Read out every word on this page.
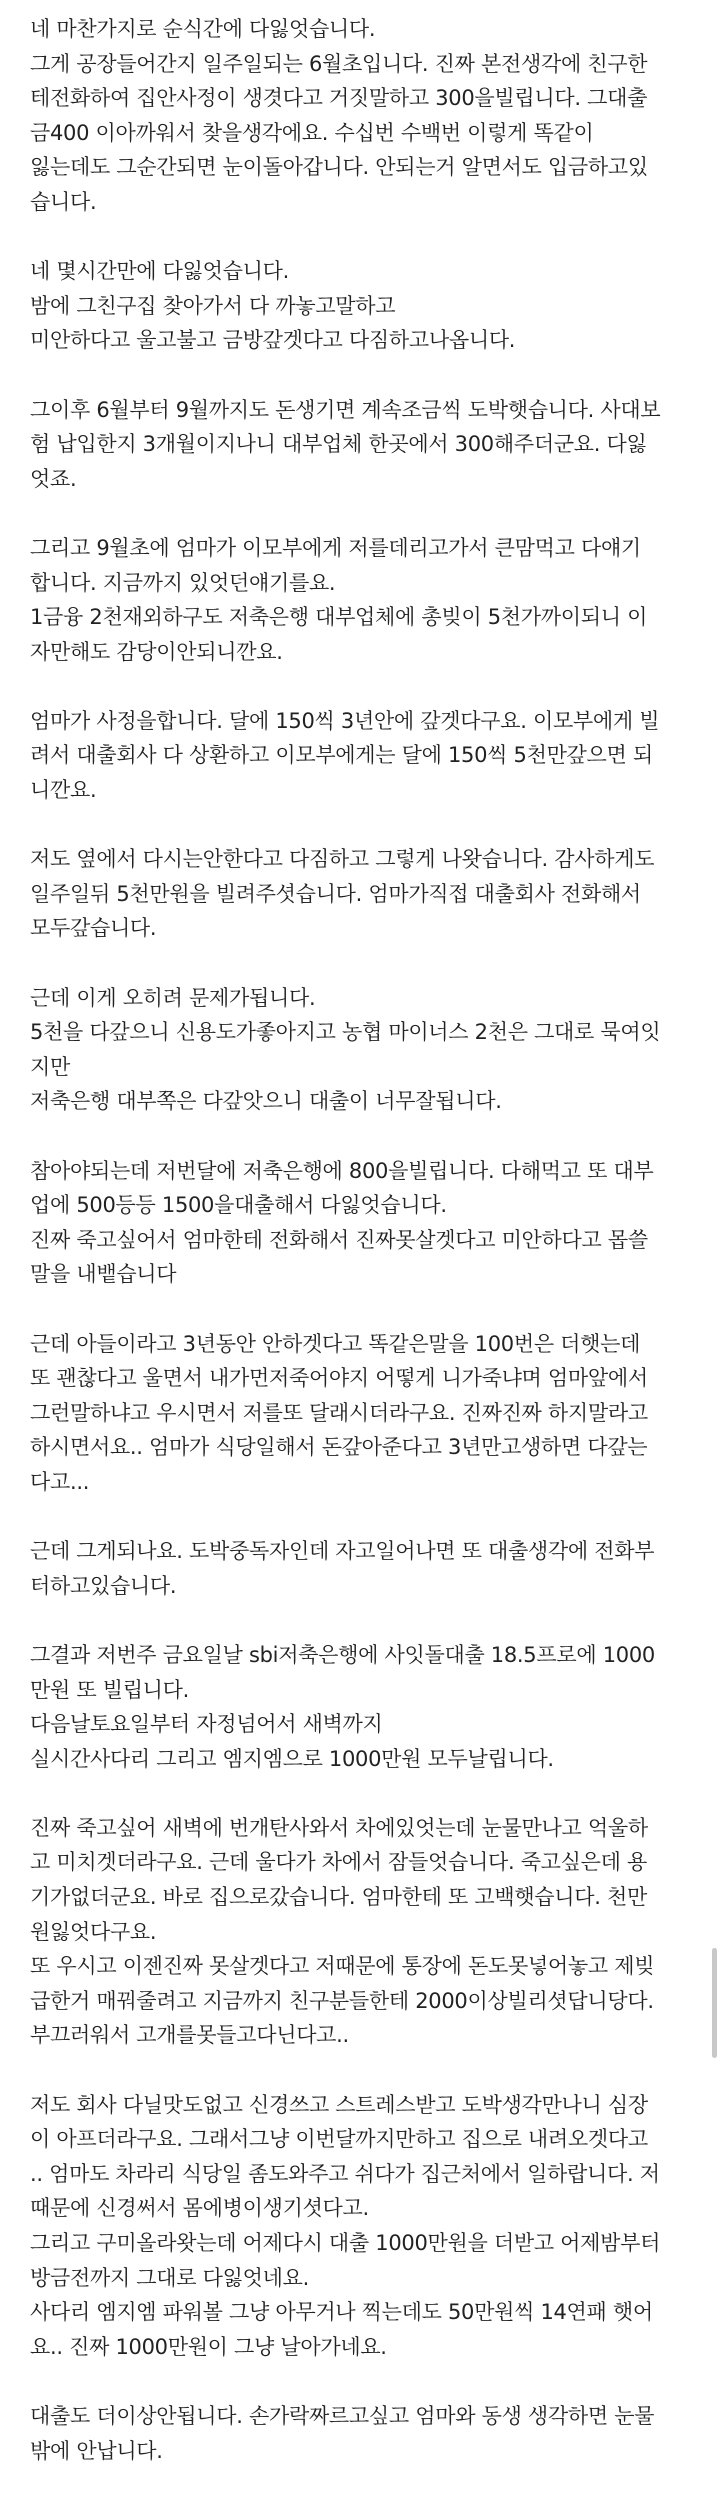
네 마찬가지로 순식간에 다잃엇습니다.
그게 공장들어간지 일주일되는 6월초입니다. 진짜 본전생각에 친구한
테전화하여 집안사정이 생겻다고 거짓말하고 300을빌립니다. 그대출
금400 이아까워서 찾을생각에요. 수십번 수백번 이렇게 똑같이
잃는데도 그순간되면 눈이돌아갑니다. 안되는거 알면서도 입금하고있
습니다.
네 몇시간만에 다잃엇습니다.
밤에 그친구집 찾아가서 다 까놓고말하고
미안하다고 울고불고 금방갚겟다고 다짐하고나옵니다.
그이후 6월부터 9월까지도 돈생기면 계속조금씩 도박햇습니다. 사대보
험 납입한지 3개월이지나니 대부업체 한곳에서 300해주더군요. 다잃
엇죠.
그리고 9월초에 엄마가 이모부에게 저를데리고가서 큰맘먹고 다얘기
합니다. 지금까지 있엇던얘기를요.
1금융 2천재외하구도 저축은행 대부업체에 총빚이 5천가까이되니 이
자만해도 감당이안되니깐요.
엄마가 사정을합니다. 달에 150씩 3년안에 갚겟다구요. 이모부에게 빌
려서 대출회사 다 상환하고 이모부에게는 달에 150씩 5천만갚으면 되
니깐요.
저도 옆에서 다시는안한다고 다짐하고 그렇게 나왓습니다. 감사하게도
일주일뒤 5천만원을 빌려주셧습니다. 엄마가직접 대출회사 전화해서
모두갚습니다.
근데 이게 오히려 문제가됩니다.
5천을 다갚으니 신용도가좋아지고 농협 마이너스 2천은 그대로 묵여잇
지만
저축은행 대부쪽은 다갚앗으니 대출이 너무잘됩니다.
참아야되는데 저번달에 저축은행에 800을빌립니다. 다해먹고 또 대부
업에 500등등 1500을대출해서 다잃엇습니다.
진짜 죽고싶어서 엄마한테 전화해서 진짜못살겟다고 미안하다고 몹쓸
말을 내뱉습니다
근데 아들이라고 3년동안 안하겟다고 똑같은말을 100번은 더햇는데
또 괜찮다고 울면서 내가먼저죽어야지 어떻게 니가죽냐며 엄마앞에서
그런말하냐고 우시면서 저를또 달래시더라구요. 진짜진짜 하지말라고
하시면서요.. 엄마가 식당일해서 돈갚아준다고 3년만고생하면 다갚는
다고...
근데 그게되나요. 도박중독자인데 자고일어나면 또 대출생각에 전화부
터하고있습니다.
그결과 저번주 금요일날 sbi저축은행에 사잇돌대출 18.5프로에 1000
만원 또 빌립니다.
다음날토요일부터 자정넘어서 새벽까지
실시간사다리 그리고 엠지엠으로 1000만원 모두날립니다.
진짜 죽고싶어 새벽에 번개탄사와서 차에있엇는데 눈물만나고 억울하
고 미치겟더라구요. 근데 울다가 차에서 잠들엇습니다. 죽고싶은데 용
기가없더군요. 바로 집으로갔습니다. 엄마한테 또 고백햇습니다. 천만
원잃엇다구요.
또 우시고 이젠진짜 못살겟다고 저때문에 통장에 돈도못넣어놓고 제빚
급한거 매꿔줄려고 지금까지 친구분들한테 2000이상빌리셧답니당다.
부끄러워서 고개를못들고다닌다고..
저도 회사 다닐맛도없고 신경쓰고 스트레스받고 도박생각만나니 심장
이 아프더라구요. 그래서그냥 이번달까지만하고 집으로 내려오겟다고
.. 엄마도 차라리 식당일 좀도와주고 쉬다가 집근처에서 일하랍니다. 저
때문에 신경써서 몸에병이생기셧다고.
그리고 구미올라왓는데 어제다시 대출 1000만원을 더받고 어제밤부터
방금전까지 그대로 다잃엇네요.
사다리 엠지엠 파워볼 그냥 아무거나 찍는데도 50만원씩 14연패 햇어
요.. 진짜 1000만원이 그냥 날아가네요.
대출도 더이상안됩니다. 손가락짜르고싶고 엄마와 동생 생각하면 눈물
밖에 안납니다.
